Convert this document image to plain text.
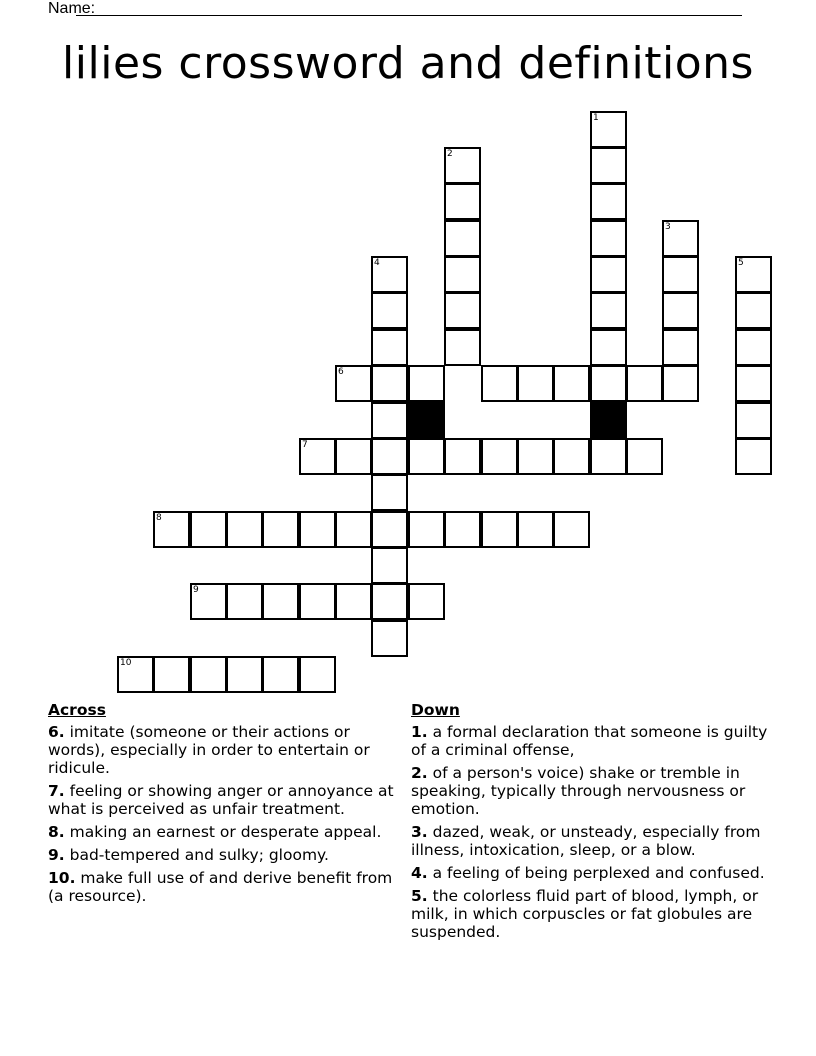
Name:
lilies crossword and definitions
1
2
3
4	5
6
7
8
9
10
Across
6. imitate (someone or their actions or words), especially in order to entertain or ridicule.
7. feeling or showing anger or annoyance at what is perceived as unfair treatment.
8. making an earnest or desperate appeal.
9. bad-tempered and sulky; gloomy.
10. make full use of and derive benefit from (a resource).
Down
1. a formal declaration that someone is guilty of a criminal offense,
2. of a person's voice) shake or tremble in speaking, typically through nervousness or emotion.
3. dazed, weak, or unsteady, especially from illness, intoxication, sleep, or a blow.
4. a feeling of being perplexed and confused.
5. the colorless fluid part of blood, lymph, or milk, in which corpuscles or fat globules are suspended.
